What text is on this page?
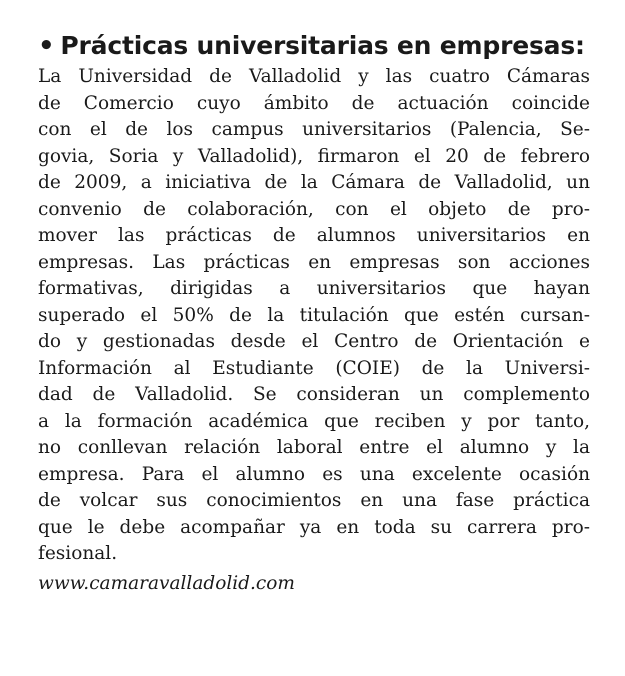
• Prácticas universitarias en empresas:
La Universidad de Valladolid y las cuatro Cámaras
de Comercio cuyo ámbito de actuación coincide
con el de los campus universitarios (Palencia, Se-
govia, Soria y Valladolid), firmaron el 20 de febrero
de 2009, a iniciativa de la Cámara de Valladolid, un
convenio de colaboración, con el objeto de pro-
mover las prácticas de alumnos universitarios en
empresas. Las prácticas en empresas son acciones
formativas, dirigidas a universitarios que hayan
superado el 50% de la titulación que estén cursan-
do y gestionadas desde el Centro de Orientación e
Información al Estudiante (COIE) de la Universi-
dad de Valladolid. Se consideran un complemento
a la formación académica que reciben y por tanto,
no conllevan relación laboral entre el alumno y la
empresa. Para el alumno es una excelente ocasión
de volcar sus conocimientos en una fase práctica
que le debe acompañar ya en toda su carrera pro-
fesional.
www.camaravalladolid.com
